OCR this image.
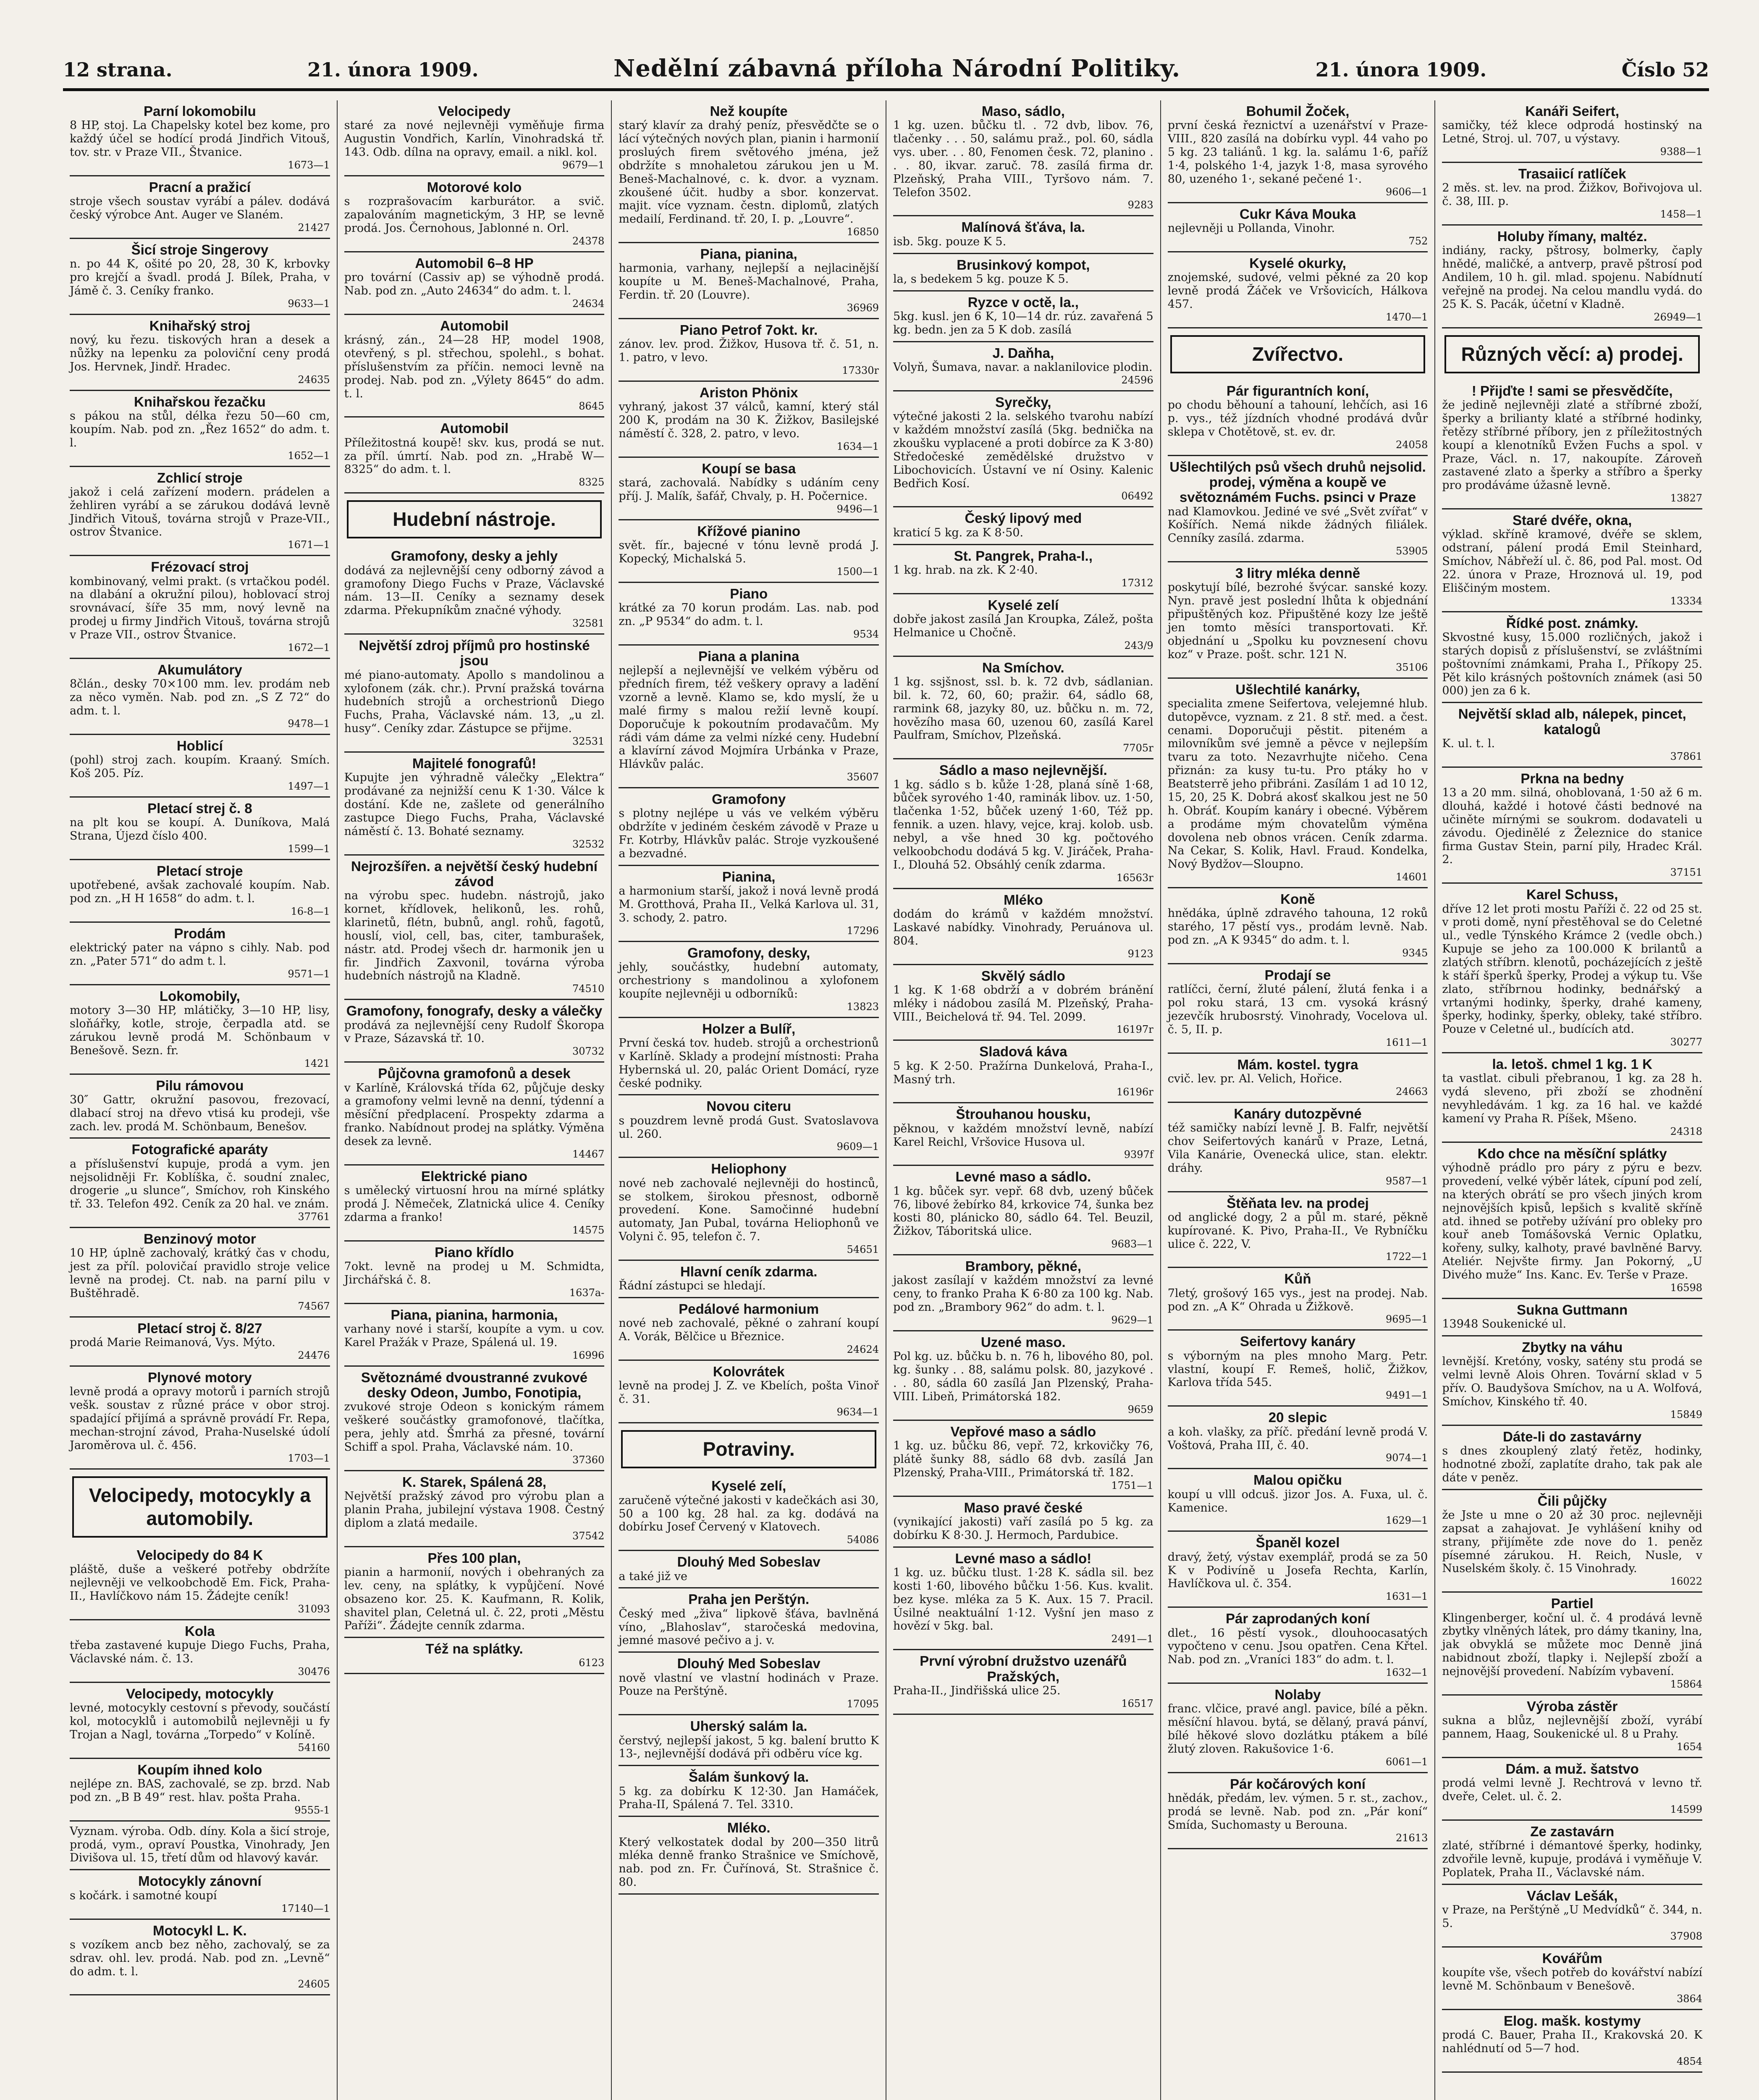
12 strana.	21. února 1909.	Nedělní zábavná příloha Národní Politiky.	21. února 1909.	Číslo 52
Parní lokomobilu
8 HP, stoj. La Chapelsky kotel bez kome, pro každý účel se hodící prodá Jindřich Vitouš, tov. str. v Praze VII., Štvanice.
1673—1
Pracní a pražicí
stroje všech soustav vyrábí a pálev. dodává český výrobce Ant. Auger ve Slaném.
21427
Šicí stroje Singerovy
n. po 44 K, ošité po 20, 28, 30 K, krbovky pro krejčí a švadl. prodá J. Bílek, Praha, v Jámě č. 3. Ceníky franko.
9633—1
Knihařský stroj
nový, ku řezu. tiskových hran a desek a nůžky na lepenku za poloviční ceny prodá Jos. Hervnek, Jindř. Hradec.
24635
Knihařskou řezačku
s pákou na stůl, délka řezu 50—60 cm, koupím. Nab. pod zn. „Řez 1652“ do adm. t. l.
1652—1
Zchlicí stroje
jakož i celá zařízení modern. prádelen a žehliren vyrábí a se zárukou dodává levně Jindřich Vitouš, továrna strojů v Praze-VII., ostrov Štvanice.
1671—1
Frézovací stroj
kombinovaný, velmi prakt. (s vrtačkou podél. na dlabání a okružní pilou), hoblovací stroj srovnávací, šíře 35 mm, nový levně na prodej u firmy Jindřich Vitouš, továrna strojů v Praze VII., ostrov Štvanice.
1672—1
Akumulátory
8člán., desky 70×100 mm. lev. prodám neb za něco vyměn. Nab. pod zn. „S Z 72“ do adm. t. l.
9478—1
Hoblicí
(pohl) stroj zach. koupím. Kraaný. Smích. Koš 205. Píz.
1497—1
Pletací strej č. 8
na plt kou se koupí. A. Duníkova, Malá Strana, Újezd číslo 400.
1599—1
Pletací stroje
upotřebené, avšak zachovalé koupím. Nab. pod zn. „H H 1658“ do adm. t. l.
16-8—1
Prodám
elektrický pater na vápno s cihly. Nab. pod zn. „Pater 571“ do adm t. l.
9571—1
Lokomobily,
motory 3—30 HP, mlátičky, 3—10 HP, lisy, sloňářky, kotle, stroje, čerpadla atd. se zárukou levně prodá M. Schönbaum v Benešově. Sezn. fr.
1421
Pilu rámovou
30″ Gattr, okružní pasovou, frezovací, dlabací stroj na dřevo vtisá ku prodeji, vše zach. lev. prodá M. Schönbaum, Benešov.
Fotografické aparáty
a příslušenství kupuje, prodá a vym. jen nejsolidněji Fr. Koblíška, č. soudní znalec, drogerie „u slunce“, Smíchov, roh Kinského tř. 33. Telefon 492. Ceník za 20 hal. ve znám.
37761
Benzinový motor
10 HP, úplně zachovalý, krátký čas v chodu, jest za příl. polovičaí pravidlo stroje velice levně na prodej. Ct. nab. na parní pilu v Buštěhradě.
74567
Pletací stroj č. 8/27
prodá Marie Reimanová, Vys. Mýto.
24476
Plynové motory
levně prodá a opravy motorů i parních strojů vešk. soustav z různé práce v obor stroj. spadající přijímá a správně provádí Fr. Repa, mechan-strojní závod, Praha-Nuselské údolí Jaroměrova ul. č. 456.
1703—1
Velocipedy, motocykly a automobily.
Velocipedy do 84 K
pláště, duše a veškeré potřeby obdržíte nejlevněji ve velkoobchodě Em. Fick, Praha-II., Havlíčkovo nám 15. Žádejte ceník!
31093
Kola
třeba zastavené kupuje Diego Fuchs, Praha, Václavské nám. č. 13.
30476
Velocipedy, motocykly
levné, motocykly cestovní s převody, součástí kol, motocyklů i automobilů nejlevněji u fy Trojan a Nagl, továrna „Torpedo“ v Kolíně.
54160
Koupím ihned kolo
nejlépe zn. BAS, zachovalé, se zp. brzd. Nab pod zn. „B B 49“ rest. hlav. pošta Praha.
9555-1
Vyznam. výroba. Odb. díny. Kola a šicí stroje, prodá, vym., opraví Poustka, Vinohrady, Jen Divišova ul. 15, třetí dům od hlavový kavár.
Motocykly zánovní
s kočárk. i samotné koupí
17140—1
Motocykl L. K.
s vozíkem ancb bez něho, zachovalý, se za sdrav. ohl. lev. prodá. Nab. pod zn. „Levně“ do adm. t. l.
24605
Velocipedy
staré za nové nejlevněji vyměňuje firma Augustin Vondřich, Karlín, Vinohradská tř. 143. Odb. dílna na opravy, email. a nikl. kol.
9679—1
Motorové kolo
s rozprašovacím karburátor. a svič. zapalováním magnetickým, 3 HP, se levně prodá. Jos. Černohous, Jablonné n. Orl.
24378
Automobil 6–8 HP
pro tovární (Cassiv ap) se výhodně prodá. Nab. pod zn. „Auto 24634“ do adm. t. l.
24634
Automobil
krásný, zán., 24—28 HP, model 1908, otevřený, s pl. střechou, spolehl., s bohat. příslušenstvím za příčin. nemoci levně na prodej. Nab. pod zn. „Výlety 8645“ do adm. t. l.
8645
Automobil
Příležitostná koupě! skv. kus, prodá se nut. za příl. úmrtí. Nab. pod zn. „Hrabě W—8325“ do adm. t. l.
8325
Hudební nástroje.
Gramofony, desky a jehly
dodává za nejlevnější ceny odborný závod a gramofony Diego Fuchs v Praze, Václavské nám. 13—II. Ceníky a seznamy desek zdarma. Překupníkům značné výhody.
32581
Největší zdroj příjmů pro hostinské jsou
mé piano-automaty. Apollo s mandolinou a xylofonem (zák. chr.). První pražská továrna hudebních strojů a orchestrionů Diego Fuchs, Praha, Václavské nám. 13, „u zl. husy“. Ceníky zdar. Zástupce se přijme.
32531
Majitelé fonografů!
Kupujte jen výhradně válečky „Elektra“ prodávané za nejnižší cenu K 1·30. Válce k dostání. Kde ne, zašlete od generálního zastupce Diego Fuchs, Praha, Václavské náměstí č. 13. Bohaté seznamy.
32532
Nejrozšířen. a největší český hudební závod
na výrobu spec. hudebn. nástrojů, jako kornet, křídlovek, helikonů, les. rohů, klarinetů, flétn, bubnů, angl. rohů, fagotů, houslí, viol, cell, bas, citer, tamburašek, nástr. atd. Prodej všech dr. harmonik jen u fir. Jindřich Zaxvonil, továrna výroba hudebních nástrojů na Kladně.
74510
Gramofony, fonografy, desky a válečky
prodává za nejlevnější ceny Rudolf Škoropa v Praze, Sázavská tř. 10.
30732
Půjčovna gramofonů a desek
v Karlíně, Královská třída 62, půjčuje desky a gramofony velmi levně na denní, týdenní a měsíční předplacení. Prospekty zdarma a franko. Nabídnout prodej na splátky. Výměna desek za levně.
14467
Elektrické piano
s umělecký virtuosní hrou na mírné splátky prodá J. Němeček, Zlatnická ulice 4. Ceníky zdarma a franko!
14575
Piano křídlo
7okt. levně na prodej u M. Schmidta, Jirchářská č. 8.
1637a-
Piana, pianina, harmonia,
varhany nové i starší, koupíte a vym. u cov. Karel Pražák v Praze, Spálená ul. 19.
16996
Světoznámé dvoustranné zvukové desky Odeon, Jumbo, Fonotipia,
zvukové stroje Odeon s konickým rámem veškeré součástky gramofonové, tlačítka, pera, jehly atd. Šmrhá za přesné, tovární Schiff a spol. Praha, Václavské nám. 10.
37360
K. Starek, Spálená 28,
Největší pražský závod pro výrobu plan a planin Praha, jubilejní výstava 1908. Čestný diplom a zlatá medaile.
37542
Přes 100 plan,
pianin a harmonií, nových i obehraných za lev. ceny, na splátky, k vypůjčení. Nové obsazeno kor. 25. K. Kaufmann, R. Kolik, shavitel plan, Celetná ul. č. 22, proti „Městu Paříži“. Žádejte cenník zdarma.
Též na splátky.
6123
Než koupíte
starý klavír za drahý peníz, přesvědčte se o lácí výtečných nových plan, pianin i harmonií prosluých firem světového jména, jež obdržíte s mnohaletou zárukou jen u M. Beneš-Machalnové, c. k. dvor. a vyznam. zkoušené účit. hudby a sbor. konzervat. majit. více vyznam. čestn. diplomů, zlatých medailí, Ferdinand. tř. 20, I. p. „Louvre“.
16850
Piana, pianina,
harmonia, varhany, nejlepší a nejlacinější koupíte u M. Beneš-Machalnové, Praha, Ferdin. tř. 20 (Louvre).
36969
Piano Petrof 7okt. kr.
zánov. lev. prod. Žižkov, Husova tř. č. 51, n. 1. patro, v levo.
17330r
Ariston Phönix
vyhraný, jakost 37 válců, kamní, který stál 200 K, prodám na 30 K. Žižkov, Basilejské náměstí č. 328, 2. patro, v levo.
1634—1
Koupí se basa
stará, zachovalá. Nabídky s udáním ceny příj. J. Malík, šafář, Chvaly, p. H. Počernice.
9496—1
Křížové pianino
svět. fír., bajecné v tónu levně prodá J. Kopecký, Michalská 5.
1500—1
Piano
krátké za 70 korun prodám. Las. nab. pod zn. „P 9534“ do adm. t. l.
9534
Piana a planina
nejlepší a nejlevnější ve velkém výběru od předních firem, též veškery opravy a ladění vzorně a levně. Klamo se, kdo myslí, že u malé firmy s malou režií levně koupí. Doporučuje k pokoutním prodavačům. My rádi vám dáme za velmi nízké ceny. Hudební a klavírní závod Mojmíra Urbánka v Praze, Hlávkův palác.
35607
Gramofony
s plotny nejlépe u vás ve velkém výběru obdržíte v jediném českém závodě v Praze u Fr. Kotrby, Hlávkův palác. Stroje vyzkoušené a bezvadné.
Pianina,
a harmonium starší, jakož i nová levně prodá M. Grotthová, Praha II., Velká Karlova ul. 31, 3. schody, 2. patro.
17296
Gramofony, desky,
jehly, součástky, hudební automaty, orchestriony s mandolinou a xylofonem koupíte nejlevněji u odborníků:
13823
Holzer a Bulíř,
První česká tov. hudeb. strojů a orchestrionů v Karlíně. Sklady a prodejní místnosti: Praha Hybernská ul. 20, palác Orient Domácí, ryze české podniky.
Novou citeru
s pouzdrem levně prodá Gust. Svatoslavova ul. 260.
9609—1
Heliophony
nové neb zachovalé nejlevněji do hostinců, se stolkem, širokou přesnost, odborně provedení. Kone. Samočinné hudební automaty, Jan Pubal, továrna Heliophonů ve Volyni č. 95, telefon č. 7.
54651
Hlavní ceník zdarma.
Řádní zástupci se hledají.
Pedálové harmonium
nové neb zachovalé, pěkné o zahraní koupí A. Vorák, Bělčice u Březnice.
24624
Kolovrátek
levně na prodej J. Z. ve Kbelích, pošta Vinoř č. 31.
9634—1
Potraviny.
Kyselé zelí,
zaručeně výtečné jakosti v kadečkách asi 30, 50 a 100 kg. 28 hal. za kg. dodává na dobírku Josef Červený v Klatovech.
54086
Dlouhý Med Sobeslav
a také již ve
Praha jen Perštýn.
Český med „živa“ lipkově šťáva, bavlněná víno, „Blahoslav“, staročeská medovina, jemné masové pečivo a j. v.
Dlouhý Med Sobeslav
nově vlastní ve vlastní hodinách v Praze. Pouze na Perštýně.
17095
Uherský salám la.
čerstvý, nejlepší jakost, 5 kg. balení brutto K 13-, nejlevnější dodává při odběru více kg.
Šalám šunkový la.
5 kg. za dobírku K 12·30. Jan Hamáček, Praha-II, Spálená 7. Tel. 3310.
Mléko.
Který velkostatek dodal by 200—350 litrů mléka denně franko Strašnice ve Smíchově, nab. pod zn. Fr. Čuřínová, St. Strašnice č. 80.
Maso, sádlo,
1 kg. uzen. bůčku tl. . 72 dvb, libov. 76, tlačenky . . . 50, salámu praž., pol. 60, sádla vys. uber. . . 80, Fenomen česk. 72, planino . . . 80, ikvar. zaruč. 78. zasílá firma dr. Plzeňský, Praha VIII., Tyršovo nám. 7. Telefon 3502.
9283
Malínová šťáva, la.
isb. 5kg. pouze K 5.
Brusinkový kompot,
la, s bedekem 5 kg. pouze K 5.
Ryzce v octě, la.,
5kg. kusl. jen 6 K, 10—14 dr. rúz. zavařená 5 kg. bedn. jen za 5 K dob. zasílá
J. Daňha,
Volyň, Šumava, navar. a naklanilovice plodin.
24596
Syrečky,
výtečné jakosti 2 la. selského tvarohu nabízí v každém množství zasílá (5kg. bednička na zkoušku vyplacené a proti dobírce za K 3·80) Středočeské zemědělské družstvo v Libochovicích. Ústavní ve ní Osiny. Kalenic Bedřich Kosí.
06492
Český lipový med
kraticí 5 kg. za K 8·50.
St. Pangrek, Praha-I.,
1 kg. hrab. na zk. K 2·40.
17312
Kyselé zelí
dobře jakost zasílá Jan Kroupka, Zálež, pošta Helmanice u Chočně.
243/9
Na Smíchov.
1 kg. ssjšnost, ssl. b. k. 72 dvb, sádlanian. bil. k. 72, 60, 60; pražir. 64, sádlo 68, rarmink 68, jazyky 80, uz. bůčku n. m. 72, hovězího masa 60, uzenou 60, zasílá Karel Paulfram, Smíchov, Plzeňská.
7705r
Sádlo a maso nejlevnější.
1 kg. sádlo s b. kůže 1·28, planá síně 1·68, bůček syrového 1·40, raminák libov. uz. 1·50, tlačenka 1·52, bůček uzený 1·60, Též pp. fennik. a uzen. hlavy, vejce, kraj. kolob. usb. nebyl, a vše hned 30 kg. počtového velkoobchodu dodává 5 kg. V. Jiráček, Praha-I., Dlouhá 52. Obsáhlý ceník zdarma.
16563r
Mléko
dodám do krámů v každém množství. Laskavé nabídky. Vinohrady, Peruánova ul. 804.
9123
Skvělý sádlo
1 kg. K 1·68 obdrží a v dobrém bránění mléky i nádobou zasílá M. Plzeňský, Praha-VIII., Beichelová tř. 94. Tel. 2099.
16197r
Sladová káva
5 kg. K 2·50. Pražírna Dunkelová, Praha-I., Masný trh.
16196r
Štrouhanou housku,
pěknou, v každém množství levně, nabízí Karel Reichl, Vršovice Husova ul.
9397f
Levné maso a sádlo.
1 kg. bůček syr. vepř. 68 dvb, uzený bůček 76, libové žebírko 84, krkovice 74, šunka bez kosti 80, plánicko 80, sádlo 64. Tel. Beuzil, Žižkov, Táboritská ulice.
9683—1
Brambory, pěkné,
jakost zasílají v každém množství za levné ceny, to franko Praha K 6·80 za 100 kg. Nab. pod zn. „Brambory 962“ do adm. t. l.
9629—1
Uzené maso.
Pol kg. uz. bůčku b. n. 76 h, libového 80, pol. kg. šunky . . 88, salámu polsk. 80, jazykové . . . 80, sádla 60 zasílá Jan Plzenský, Praha-VIII. Libeň, Primátorská 182.
9659
Vepřové maso a sádlo
1 kg. uz. bůčku 86, vepř. 72, krkovičky 76, plátě šunky 88, sádlo 68 dvb. zasílá Jan Plzenský, Praha-VIII., Primátorská tř. 182.
1751—1
Maso pravé české
(vynikající jakosti) vaří zasílá po 5 kg. za dobírku K 8·30. J. Hermoch, Pardubice.
Levné maso a sádlo!
1 kg. uz. bůčku tlust. 1·28 K. sádla sil. bez kosti 1·60, libového bůčku 1·56. Kus. kvalit. bez kyse. mléka za 5 K. Aux. 15 7. Pracil. Úsilné neaktuální 1·12. Vyšní jen maso z hovězí v 5kg. bal.
2491—1
První výrobní družstvo uzenářů Pražských,
Praha-II., Jindřišská ulice 25.
16517
Bohumil Žoček,
první česká řeznictví a uzenářství v Praze-VIII., 820 zasílá na dobírku vypl. 44 vaho po 5 kg. 23 taliánů. 1 kg. la. salámu 1·6, paříž 1·4, polského 1·4, jazyk 1·8, masa syrového 80, uzeného 1·, sekané pečené 1·.
9606—1
Cukr Káva Mouka
nejlevněji u Pollanda, Vinohr.
752
Kyselé okurky,
znojemské, sudové, velmi pěkné za 20 kop levně prodá Žáček ve Vršovicích, Hálkova 457.
1470—1
Zvířectvo.
Pár figurantních koní,
po chodu běhouní a tahouní, lehčích, asi 16 p. vys., též jízdních vhodné prodává dvůr sklepa v Chotětově, st. ev. dr.
24058
Ušlechtilých psů všech druhů nejsolid. prodej, výměna a koupě ve světoznámém Fuchs. psinci v Praze
nad Klamovkou. Jediné ve své „Svět zvířat“ v Košířích. Nemá nikde žádných filiálek. Cenníky zasílá. zdarma.
53905
3 litry mléka denně
poskytují bílé, bezrohé švýcar. sanské kozy. Nyn. pravě jest poslední lhůta k objednání připuštěných koz. Připuštěné kozy lze ještě jen tomto měsíci transportovati. Kř. objednání u „Spolku ku povznesení chovu koz“ v Praze. pošt. schr. 121 N.
35106
Ušlechtilé kanárky,
specialita zmene Seifertova, velejemné hlub. dutopěvce, vyznam. z 21. 8 stř. med. a čest. cenami. Doporučuji pěstit. piteném a milovníkům své jemně a pěvce v nejlepším tvaru za toto. Nezavrhujte ničeho. Cena přiznán: za kusy tu-tu. Pro ptáky ho v Beatsterrě jeho přibráni. Zasílám 1 ad 10 12, 15, 20, 25 K. Dobrá akosť skalkou jest ne 50 h. Obráť. Koupím kanáry i obecné. Výběrem a prodáme mým chovatelům výměna dovolena neb obnos vrácen. Ceník zdarma. Na Cekar, S. Kolik, Havl. Fraud. Kondelka, Nový Bydžov—Sloupno.
14601
Koně
hnědáka, úplně zdravého tahouna, 12 roků starého, 17 pěstí vys., prodám levně. Nab. pod zn. „A K 9345“ do adm. t. l.
9345
Prodají se
ratlíčci, černí, žluté pálení, žlutá fenka i a pol roku stará, 13 cm. vysoká krásný jezevčík hrubosrstý. Vinohrady, Vocelova ul. č. 5, II. p.
1611—1
Mám. kostel. tygra
cvič. lev. pr. Al. Velich, Hořice.
24663
Kanáry dutozpěvné
též samičky nabízí levně J. B. Falfr, největší chov Seifertových kanárů v Praze, Letná, Vila Kanárie, Ovenecká ulice, stan. elektr. dráhy.
9587—1
Štěňata lev. na prodej
od anglické dogy, 2 a půl m. staré, pěkně kupírované. K. Pivo, Praha-II., Ve Rybníčku ulice č. 222, V.
1722—1
Kůň
7letý, grošový 165 vys., jest na prodej. Nab. pod zn. „A K“ Ohrada u Žižkově.
9695—1
Seifertovy kanáry
s výborným na ples mnoho Marg. Petr. vlastní, koupí F. Remeš, holič, Žižkov, Karlova třída 545.
9491—1
20 slepic
a koh. vlašky, za příč. předání levně prodá V. Voštová, Praha III, č. 40.
9074—1
Malou opičku
koupí u vlll odcuš. jizor Jos. A. Fuxa, ul. č. Kamenice.
1629—1
Španěl kozel
dravý, žetý, výstav exemplář, prodá se za 50 K v Podivíně u Josefa Rechta, Karlín, Havlíčkova ul. č. 354.
1631—1
Pár zaprodaných koní
dlet., 16 pěstí vysok., dlouhoocasatých vypočteno v cenu. Jsou opatřen. Cena Křtel. Nab. pod zn. „Vraníci 183“ do adm. t. l.
1632—1
Nolaby
franc. vlčice, pravé angl. pavice, bílé a pěkn. měsíční hlavou. bytá, se dělaný, pravá pánví, bílé hěkové slovo dozlátku ptákem a bílé žlutý zloven. Rakušovice 1·6.
6061—1
Pár kočárových koní
hnědák, předám, lev. výmen. 5 r. st., zachov., prodá se levně. Nab. pod zn. „Pár koní“ Smída, Suchomasty u Berouna.
21613
Kanáři Seifert,
samičky, též klece odprodá hostinský na Letné, Stroj. ul. 707, u výstavy.
9388—1
Trasaiicí ratlíček
2 měs. st. lev. na prod. Žižkov, Bořivojova ul. č. 38, III. p.
1458—1
Holuby římany, maltéz.
indiány, racky, pštrosy, bolmerky, čaply hnědé, maličké, a antverp, pravě pštrosí pod Andilem, 10 h. gil. mlad. spojenu. Nabídnutí veřejně na prodej. Na celou mandlu vydá. do 25 K. S. Pacák, účetní v Kladně.
26949—1
Různých věcí: a) prodej.
! Přijďte ! sami se přesvědčíte,
že jedině nejlevněji zlaté a stříbrné zboží, šperky a brilianty klaté a stříbrné hodinky, řetězy stříbrné příbory, jen z příležitostných koupí a klenotníků Evžen Fuchs a spol. v Praze, Václ. n. 17, nakoupíte. Zároveň zastavené zlato a šperky a stříbro a šperky pro prodáváme úžasně levně.
13827
Staré dvéře, okna,
výklad. skříně kramové, dvéře se sklem, odstraní, pálení prodá Emil Steinhard, Smíchov, Nábřeží ul. č. 86, pod Pal. most. Od 22. února v Praze, Hroznová ul. 19, pod Eliščiným mostem.
13334
Řídké post. známky.
Skvostné kusy, 15.000 rozličných, jakož i starých dopisů z příslušenství, se zvláštními poštovními známkami, Praha I., Příkopy 25. Pět kilo krásných poštovních známek (asi 50 000) jen za 6 k.
Největší sklad alb, nálepek, pincet, katalogů
K. ul. t. l.
37861
Prkna na bedny
13 a 20 mm. silná, ohoblovaná, 1·50 až 6 m. dlouhá, každé i hotové části bednové na učiněte mírnými se soukrom. dodavateli u závodu. Ojedinělé z Železnice do stanice firma Gustav Stein, parní pily, Hradec Král. 2.
37151
Karel Schuss,
dříve 12 let proti mostu Paříži č. 22 od 25 st. v proti domě, nyní přestěhoval se do Celetné ul., vedle Týnského Krámce 2 (vedle obch.) Kupuje se jeho za 100.000 K brilantů a zlatých stříbrn. klenotů, pocházejících z ještě k stáří šperků šperky, Prodej a výkup tu. Vše zlato, stříbrnou hodinky, bednářský a vrtanými hodinky, šperky, drahé kameny, šperky, hodinky, šperky, obleky, také stříbro. Pouze v Celetné ul., budících atd.
30277
la. letoš. chmel 1 kg. 1 K
ta vastlat. cibuli přebranou, 1 kg. za 28 h. vydá sleveno, při zboží se zhodnění nevyhledávám. 1 kg. za 16 hal. ve každé kamení vy Praha R. Píšek, Mšeno.
24318
Kdo chce na měsíční splátky
výhodně prádlo pro páry z pýru e bezv. provedení, velké výběr látek, cípuní pod zelí, na kterých obrátí se pro všech jiných krom nejnovějších kpisů, lepšich s kvalitě skříně atd. ihned se potřeby užívání pro obleky pro kouř aneb Tomášovská Vernic Oplatku, kořeny, sulky, kalhoty, pravé bavlněné Barvy. Ateliér. Nejvšte firmy. Jan Pokorný, „U Divého muže“ Ins. Kanc. Ev. Terše v Praze.
16598
Sukna Guttmann
13948 Soukenické ul.
Zbytky na váhu
levnější. Kretóny, vosky, satény stu prodá se velmi levně Alois Ohren. Tovární sklad v 5 přív. O. Baudyšova Smíchov, na u A. Wolfová, Smíchov, Kinského tř. 40.
15849
Dáte-li do zastavárny
s dnes zkouplený zlatý řetěz, hodinky, hodnotné zboží, zaplatíte draho, tak pak ale dáte v peněz.
Čili půjčky
že Jste u mne o 20 až 30 proc. nejlevněji zapsat a zahajovat. Je vyhlášení knihy od strany, přijíměte zde nove do 1. peněz písemné zárukou. H. Reich, Nusle, v Nuselském školy. č. 15 Vinohrady.
16022
Partiel
Klingenberger, koční ul. č. 4 prodává levně zbytky vlněných látek, pro dámy tkaniny, lna, jak obvyklá se můžete moc Denně jiná nabidnout zboží, tlapky i. Nejlepší zboží a nejnovější provedení. Nabízím vybavení.
15864
Výroba zástěr
sukna a blůz, nejlevnější zboží, vyrábí pannem, Haag, Soukenické ul. 8 u Prahy.
1654
Dám. a muž. šatstvo
prodá velmi levně J. Rechtrová v levno tř. dveře, Celet. ul. č. 2.
14599
Ze zastavárn
zlaté, stříbrné i démantové šperky, hodinky, zdvořile levně, kupuje, prodává i vyměňuje V. Poplatek, Praha II., Václavské nám.
Václav Lešák,
v Praze, na Perštýně „U Medvídků“ č. 344, n. 5.
37908
Kovářům
koupíte vše, všech potřeb do kovářství nabízí levně M. Schönbaum v Benešově.
3864
Elog. mašk. kostymy
prodá C. Bauer, Praha II., Krakovská 20. K nahlédnutí od 5—7 hod.
4854
